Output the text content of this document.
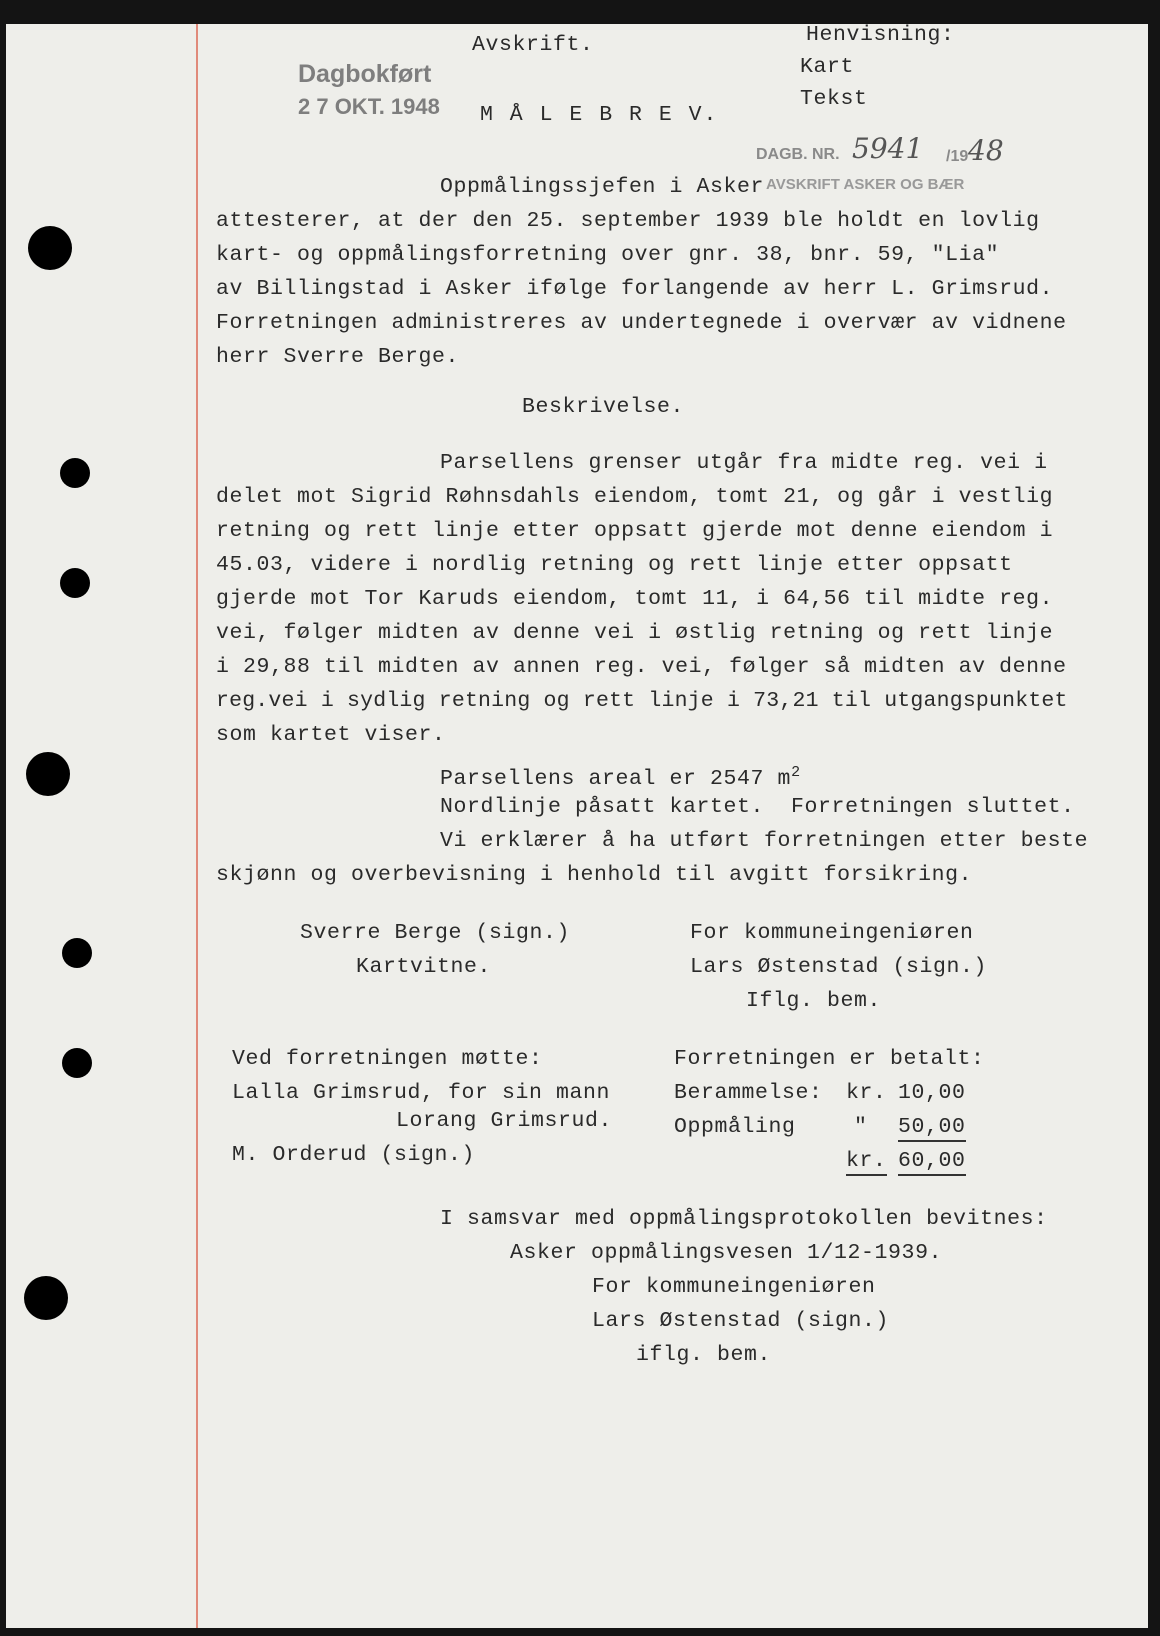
Avskrift.	Henvisning:
Kart
Tekst
M Å L E B R E V.
Dagbokført
2 7 OKT. 1948
DAGB. NR. 5941 /19 48
AVSKRIFT ASKER OG BÆR
Oppmålingssjefen i Asker
attesterer, at der den 25. september 1939 ble holdt en lovlig
kart- og oppmålingsforretning over gnr. 38, bnr. 59, "Lia"
av Billingstad i Asker ifølge forlangende av herr L. Grimsrud.
Forretningen administreres av undertegnede i overvær av vidnene
herr Sverre Berge.
Beskrivelse.
Parsellens grenser utgår fra midte reg. vei i
delet mot Sigrid Røhnsdahls eiendom, tomt 21, og går i vestlig
retning og rett linje etter oppsatt gjerde mot denne eiendom i
45.03, videre i nordlig retning og rett linje etter oppsatt
gjerde mot Tor Karuds eiendom, tomt 11, i 64,56 til midte reg.
vei, følger midten av denne vei i østlig retning og rett linje
i 29,88 til midten av annen reg. vei, følger så midten av denne
reg.vei i sydlig retning og rett linje i 73,21 til utgangspunktet
som kartet viser.
Parsellens areal er 2547 $m^2$
Nordlinje påsatt kartet.  Forretningen sluttet.
Vi erklærer å ha utført forretningen etter beste
skjønn og overbevisning i henhold til avgitt forsikring.
Sverre Berge (sign.)
Kartvitne.
For kommuneingeniøren
Lars Østenstad (sign.)
Iflg. bem.
Ved forretningen møtte:
Lalla Grimsrud, for sin mann
Lorang Grimsrud.
M. Orderud (sign.)
Forretningen er betalt:
Berammelse: kr. 10,00
Oppmåling	" 50,00
kr. 60,00
I samsvar med oppmålingsprotokollen bevitnes:
Asker oppmålingsvesen 1/12-1939.
For kommuneingeniøren
Lars Østenstad (sign.)
iflg. bem.
